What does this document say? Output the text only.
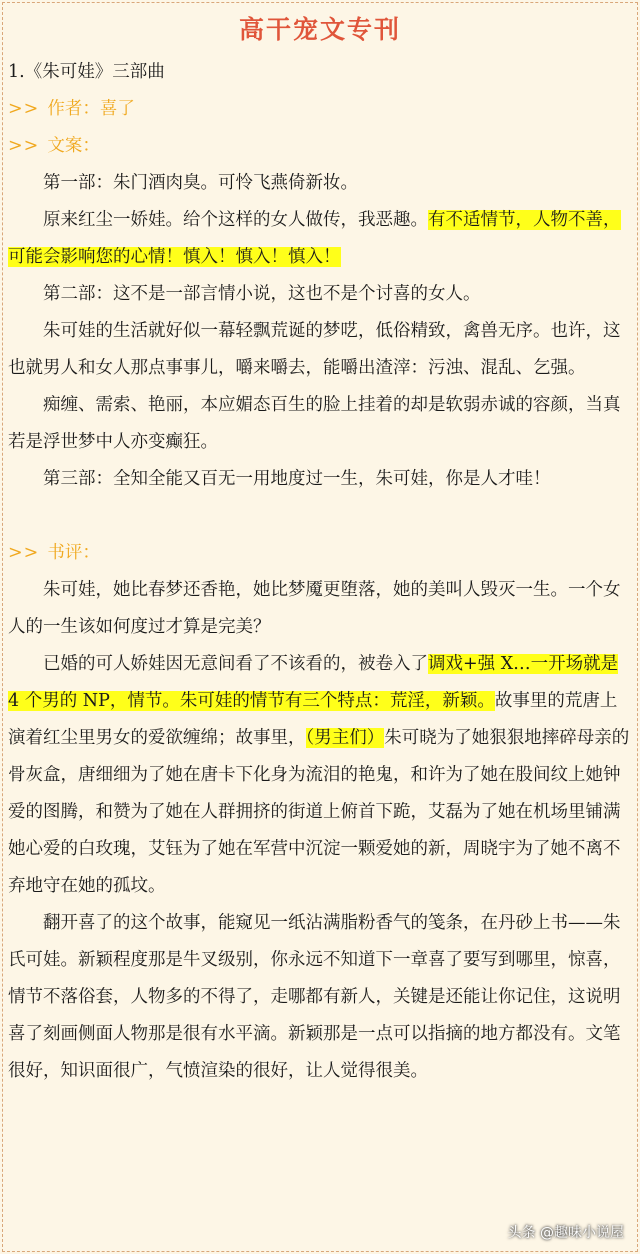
高干宠文专刊
1.《朱可娃》三部曲
>> 作者：喜了
>> 文案：

第一部：朱门酒肉臭。可怜飞燕倚新妆。

原来红尘一娇娃。给个这样的女人做传，我恶趣。有不适情节，人物不善，可能会影响您的心情！慎入！慎入！慎入！

第二部：这不是一部言情小说，这也不是个讨喜的女人。

朱可娃的生活就好似一幕轻飘荒诞的梦呓，低俗精致，禽兽无序。也许，这也就男人和女人那点事事儿，嚼来嚼去，能嚼出渣滓：污浊、混乱、乞强。

痴缠、需索、艳丽，本应媚态百生的脸上挂着的却是软弱赤诚的容颜，当真若是浮世梦中人亦变癫狂。

第三部：全知全能又百无一用地度过一生，朱可娃，你是人才哇！

>> 书评：

朱可娃，她比春梦还香艳，她比梦魇更堕落，她的美叫人毁灭一生。一个女人的一生该如何度过才算是完美？

已婚的可人娇娃因无意间看了不该看的，被卷入了调戏+强 X…一开场就是 4 个男的 NP，情节。朱可娃的情节有三个特点：荒淫，新颖。故事里的荒唐上演着红尘里男女的爱欲缠绵；故事里，（男主们）朱可晓为了她狠狠地摔碎母亲的骨灰盒，唐细细为了她在唐卡下化身为流泪的艳鬼，和许为了她在股间纹上她钟爱的图腾，和赞为了她在人群拥挤的街道上俯首下跪，艾磊为了她在机场里铺满她心爱的白玫瑰，艾钰为了她在军营中沉淀一颗爱她的新，周晓宇为了她不离不弃地守在她的孤坟。

翻开喜了的这个故事，能窥见一纸沾满脂粉香气的笺条，在丹砂上书——朱氏可娃。新颖程度那是牛叉级别，你永远不知道下一章喜了要写到哪里，惊喜，情节不落俗套，人物多的不得了，走哪都有新人，关键是还能让你记住，这说明喜了刻画侧面人物那是很有水平滴。新颖那是一点可以指摘的地方都没有。文笔很好，知识面很广，气愤渲染的很好，让人觉得很美。

头条 @趣味小说屋
